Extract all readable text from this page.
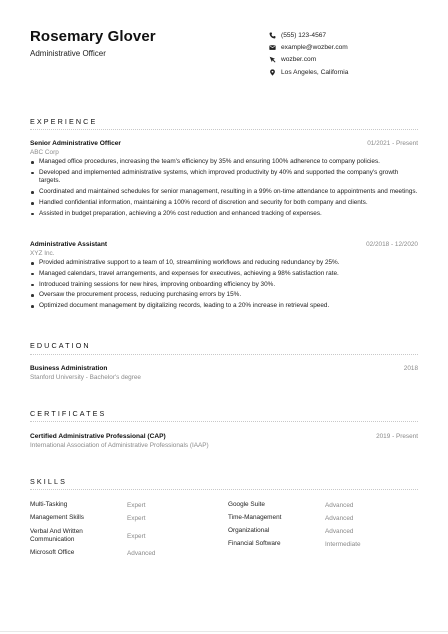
Rosemary Glover
Administrative Officer
(555) 123-4567
example@wozber.com
wozber.com
Los Angeles, California
EXPERIENCE
Senior Administrative Officer	01/2021 - Present
ABC Corp
Managed office procedures, increasing the team's efficiency by 35% and ensuring 100% adherence to company policies.
Developed and implemented administrative systems, which improved productivity by 40% and supported the company's growth targets.
Coordinated and maintained schedules for senior management, resulting in a 99% on-time attendance to appointments and meetings.
Handled confidential information, maintaining a 100% record of discretion and security for both company and clients.
Assisted in budget preparation, achieving a 20% cost reduction and enhanced tracking of expenses.
Administrative Assistant	02/2018 - 12/2020
XYZ Inc.
Provided administrative support to a team of 10, streamlining workflows and reducing redundancy by 25%.
Managed calendars, travel arrangements, and expenses for executives, achieving a 98% satisfaction rate.
Introduced training sessions for new hires, improving onboarding efficiency by 30%.
Oversaw the procurement process, reducing purchasing errors by 15%.
Optimized document management by digitalizing records, leading to a 20% increase in retrieval speed.
EDUCATION
Business Administration	2018
Stanford University - Bachelor's degree
CERTIFICATES
Certified Administrative Professional (CAP)	2019 - Present
International Association of Administrative Professionals (IAAP)
SKILLS
Multi-Tasking	Expert
Management Skills	Expert
Verbal And Written Communication	Expert
Microsoft Office	Advanced
Google Suite	Advanced
Time-Management	Advanced
Organizational	Advanced
Financial Software	Intermediate
